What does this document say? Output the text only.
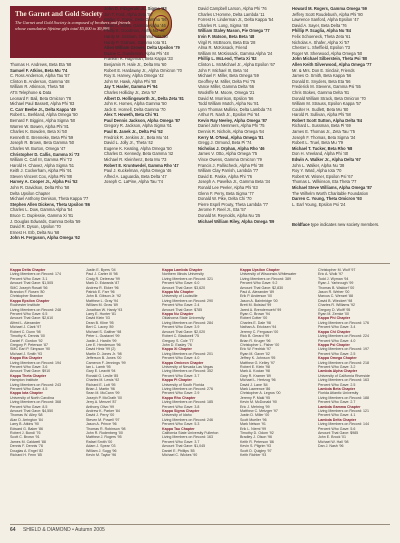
The Garnet and Gold Society

The Garnet and Gold Society is composed of brothers and friends whose cumulative lifetime gifts total $5,000 to $9,999.

Thomas H. Andrews, Beta Eta '68
Samuel F. Atkins, Beta Mu '74
C. Ross Anderson, Alpha Tau '57
Clinton B. Anderson, Gamma '48
William R. Atkinson, Theta '58
ATS Telephone & Data
Leonard F. Bail, Beta Omicron '78
Michael Paul Bassett, Alpha Phi '83
C. Carr Beebe Jr., Delta Kappa '49
Robert L. Berkland, Alpha Omega '50
Bernard F. Biggins, Alpha Sigma '50
Warren W. Bowen, Alpha Phi '81
Charles K. Bowden, Beta Xi '50
Kenneth E. Brenneke, Beta Phi '59
Joseph R. Brown, Beta Gamma '50
Charles W. Burton, Omega '47
Christopher D. Callis, Gamma Xi '73
William C. Carl III, Gamma Phi '72
Harold H. Chavez, Alpha Sigma '51
Keith J. Cockerham, Alpha Phi '91
Steven Vincent Cox, Alpha Phi '88
Harvey A. Cooper Jr., Alpha Psi '52
John R. Davidson, Delta Rho '58
Delta Upsilon Chapter
Michael Anthony Denison, Theta Kappa '77
Stephen Allen Dickens, Theta Upsilon '86
Charles L. Dow, Gamma Alpha '54
Bruce C. Duplessie, Gamma Xi '81
J. Douglas Edwards, Gamma Delta '59
David R. Dyson, Upsilon '70
Ernest H. Erb, Delta Nu '68
John H. Ferguson, Alpha Omega '62
John D. Fitzgerald Jr., Sigma '83
Jon T. Ford, Alpha Zeta '57
Walter C. Frank, Delta Gamma '56
Tyrus C. Gibbs, Gamma Alpha '46
Phillip E. Goodman, Alpha Nu '48
Hardy M. Graham, Gamma Iota '60
Hardy P. Graham, Gamma Iota '81
Allen William Groves, Delta Upsilon '79
Duane C. Gunderson, Alpha Phi '48
Franklin R. Hageman, Beta Kappa '33
Benjamin R. Hale Jr., Delta Mu '60
Robert E. Hardaway Jr., Alpha Omicron '70
Roy S. Harvey, Alpha Omega '42
John W. Hawk, Alpha Phi '80
Jay T. Hasler, Gamma Pi '94
Charles Holliday Jr., Zeta '67
Albert D. Hollingsworth Jr., Delta Zeta '81
John K. Homes, Alpha Gamma '50
Jack E. Hornell, Delta Gamma '70
Alex T. Howeth, Beta Chi '91
Paul Dennis Jackson, Alpha Omega '87
Gregory R. Jackson, Alpha Sigma '61
Paul B. Janek Jr., Delta Psi '52
Fredrick R. Jenkins Jr., Beta Mu '44
David L. Jolly Jr., Theta '42
Eugene K. Keating, Alpha Omega '50
Charles D. Kennedy, Beta Gamma '42
Michael R. Kleinhenz, Beta Mu '73
Robert E. Kruntwedel, Gamma Rho '47
Paul J. Kuckelman, Alpha Omega '46
Alfred A. Laguardia, Beta Delta '47
Joseph C. LaPine, Alpha Tau '74
David Campbell Larson, Alpha Phi '76
Charles L'Homme, Delta Lambda '11
Forrest H. Linderman Jr., Delta Kappa '54
Charles R. Long, Sigma '48
William Staley Mason, Pie Omega '77
Irvin F. Matson, Beta Beta '48
Virgil R. McBroom, Beta Eta '28
Alma R. McKissack, Friend
William M. McKissack, Gamma Alpha '24
Phillip L. McLeod, Theta Xi '82
Clinton L. McMichael Jr., Alpha Epsilon '67
John F. Michael III, Beta '44
Michael F. Miller, Beta Omega '59
Geoffrey M. Miller, Delta Psi '76
Vance Miller, Gamma Delta '66
Woolsffe M. Moore, Omega '21
David M. Morrison, Epsilon '56
Todd William Mutch, Alpha Nu '81
Lynn Thomas Mullinix, Delta Lambda '74
Arthur R. Nash Jr., Epsilon Psi '64
Kevin Ray Neeley, Alpha Omega '87
Daniel John Nemmers, Alpha Phi '75
Dennis R. Nichols, Alpha Omega '64
Kerry M. O'Neal, Alpha Omega '81
Gregg J. Ormond, Beta Pi '74
Nicholas J. Orphan, Alpha Rho '46
James V. Otto, Alpha Omega '75
Vince Owens, Gamma Omicron '79
Francis J. Pallischeck, Alpha Phi '38
William Clay Parrish, Lambda '77
David E. Paske, Alpha Phi '76
Joseph A. Pavelka Jr., Gamma Beta '34
Ronald Lee Peeler, Alpha Phi '83
Glenn F. Perry, Beta Sigma '77
Donald W. Pike, Delta Chi '70
Pierre Espril Prouty, Theta Lambda '77
Jerome F. Reel Jr., Eta '57
Donald M. Reynolds, Alpha Nu '25
Michael William Riley, Alpha Omega '89
Howard M. Rogers, Gamma Omega '59
Jeffery Scott Roudebush, Alpha Phi '80
Lawrence Sanford, Alpha Epsilon '47
David A. Sayer, Beta Delta '76
Phillip P. Scaglia, Alpha Nu '84
Felix Schoeneck, Theta Zeta '61
Nicholas A. Shafer, Alpha Xi '57
Chester L. Sheffield, Epsilon '73
Roger W. Sherwood, Alpha Omega '50
John Michael Silberstein, Theta Psi '80
Allen Keith Silverwood, Alpha Omega '77
Mr. & Mrs. Don E. Sinclair, Friends
James O. Smith, Beta Kappa '56
Donald E. Snyders, Beta Eta '56
Frederick M. Stevens, Gamma Psi '55
Chris Stokes, Gamma Delta '81
Donald William Strack, Beta Omicron '70
William M. Strauss, Epsilon Kappa '57
Coulter H. Sudlett, Beta Mu '80
Harold R. Sullivan, Alpha Phi '58
Robert Scott Sutton, Alpha Delta '84
Richard L. Sussman, Beta Pi '69
James E. Thomas Jr., Zeta Tau '75
Joseph F. Thomas, Beta Sigma '34
Robert L. Truel, Beta Mu '79
Michael T. Tucker, Beta Rho '68
Don H. Vreeland, Alpha Phi '40
Edwin A. Walker Jr., Alpha Delta '67
John L. Walker, Alpha Nu '38
Roy Y. Ward, Alpha Iota '70
Robert W. Wisner, Epsilon Psi '67
Thomas L. Wilkinson, Eta Theta '77
Michael Steve Williams, Alpha Omega '87
The Wilhelm Worth Charitable Foundation
Darren C. Young, Theta Omicron '93
L. Earl Young, Epsilon Psi '24
Boldface type indicates new society members.
Kappa Delta Chapter
Living Members on Record: 174
Percent Who Gave: 3.1
Amount That Gave: $1,505
SMC Joseph Rosati '56
Brandon F. Rosen '80
Christopher Brandon
Kappa Epsilon Chapter
Rochester Institute
Living Members on Record: 248
Percent Who Gave: 6.5
Amount That Gave: $2,610
Alfred L. Alexander
Michael J. Clark '97
Robert C. Dunn '98
Timothy K. Dennis '00
Daniel F. Gordon '92
Gregory P. Peterson '87
SMC Earl P. Simpson '90
Michael J. Smith '93
Kappa Eta Chapter
Living Members on Record: 194
Percent Who Gave: 3.6
Amount That Gave: $910
Kappa Theta Chapter
Hampton Institute
Living Members on Record: 243
Percent Who Gave: 4.5
Kappa Iota Chapter
University of North Carolina
Living Members on Record: 368
Percent Who Gave: 8.5
Amount That Gave: $4,550
Thomas W. Alley '68
Alan D. Arrington '84
Larry B. Atkins '90
Edward G. Baker '86
Robert J. Bondi '76
Scott C. Brown '91
James M. Caldwell '88
Dennis F. Dennis '78
Douglas A. Engel '82
Richard H. Fenn '85
Justin E. Byers '04
Paul J. Carter III '98
Craig R. Deleeuw '99
Mark D. Edwards '87
Andrew R. Ekker '96
Patrick E. Farr '96
John B. Gibson Jr. '92
Matthew L. Gray '94
William M. Grow '89
Jonathan W. Hardy '93
Larry E. Hunter '81
David Klein '03
Dean B. Kline '95
Bert C. Lacey '89
Michael S. Gaither '98
Peter L. Gustavel '99
Justin J. Hardin '99
Lee E. Henderson '96
David Hintz '99 (2)
Martin D. Jones Jr. '98
Jefferson B. Jones '00
Cameron F. Jennings '99
Ian L. Lamb '95
Gary E. Leavitt '94
Ronald G. Leslie '85
Charles M. Lewis '92
Richard E. Lott '95
Brian J. Martin '96
Sean M. McCann '99
Joseph P. McGrath '00
Jerry A. Menzel '87
Anthony Olivo '99
Andrew K. Parker '84
David J. Perry '00
Steven M. Powell '97
Jason A. Prince '96
Thomas R. Robinson '98
John R. Rodenberg '00
Matthew J. Rogers '95
Rafael Smith '00
Adam J. Spear '03
William J. Sugg '96
Kevin M. Taylor '96
Kappa Lambda Chapter
Northern Illinois University
Living Members on Record: 321
Percent Who Gave: 6.0
Amount That Gave: $3,620
Kappa Mu Chapter
University of Louisville
Living Members on Record: 290
Percent Who Gave: 2.4
Amount That Gave: $785
Kappa Nu Chapter
Oklahoma State University
Living Members on Record: 284
Percent Who Gave: 3.9
Amount That Gave: $2,020
Robert C. Blackwell '75
Gregory S. Cole '77
John D. Easley '76
Kappa Xi Chapter
Living Members on Record: 201
Percent Who Gave: 4.0
Kappa Omicron Chapter
University of Nevada Las Vegas
Living Members on Record: 352
Percent Who Gave: 3.7
Kappa Pi Chapter
University of South Florida
Living Members on Record: 276
Percent Who Gave: 2.9
Kappa Rho Chapter
Living Members on Record: 185
Percent Who Gave: 3.8
Kappa Sigma Chapter
University of Idaho
Living Members on Record: 246
Percent Who Gave: 5.3
Kappa Tau Chapter
California State University Fullerton
Living Members on Record: 163
Percent Who Gave: 3.7
Amount That Gave: $1,045
Daniel E. Phillips '85
Michael C. Wickes '90
Kappa Upsilon Chapter
University of Wisconsin-Whitewater
Living Members on Record: 389
Percent Who Gave: 9.2
Amount That Gave: $2,830
Paul A. Alexander '89
Erik P. Anderson '00
Jason A. Bainbridge '00
Brett M. Bolstad '99
Jared A. Brendemuehl '99
Ryan C. Brown '94
Robert Cotter '00
Charles E. Dale '98
Nathan A. Ericksen '94
Jeremy C. Ferguson '00
Rick B. Gerard '99
Brian R. Kruger '96
Christopher L. Fisher '00
Eric W. Fredrick '97
Ryan M. Gaver '02
Jeffrey K. Johnson '95
Matthew G. Kelley '97
Robert E. Klein '98
Mark A. Kocian '98
Gary R. Kramer '89
Michael L. Hertzog '96
David J. Lane '84
Mark Lawrence '86
Christopher A. Legros '00
Jeremy P. Maki '95
Kevin M. McDonald '90
Eric J. Mehring '99
Matthew C. Metzger '97
Justin D. Miller '00
Scott Mueller '96
Mark Nelson '91
Erik L. Niemi '99
Timothy D. Odom '92
Bradley J. Olson '96
Keith R. Peterson '86
Kevin S. Pilgrim '93
Scott D. Quigley '97
Keith Richter '93
Christopher M. Wolf '97
Eric A. Wolk '97
Todd J. Wyman '94
Ryan J. Yarbrough '99
Thomas B. Waldorf '00
Jason R. Weber '00
Marcus C. Wenzel '88
David B. Wieckert '98
Charles R. Williams '92
Gregory D. Wolff '95
Ryan M. Zemke '00
Kappa Phi Chapter
Living Members on Record: 176
Percent Who Gave: 3.4
Kappa Chi Chapter
Living Members on Record: 224
Percent Who Gave: 4.0
Kappa Psi Chapter
Living Members on Record: 197
Percent Who Gave: 2.5
Kappa Omega Chapter
Living Members on Record: 218
Percent Who Gave: 3.2
Lambda Alpha Chapter
University of California Riverside
Living Members on Record: 163
Percent Who Gave: 2.5
Lambda Beta Chapter
Florida Atlantic University
Living Members on Record: 188
Percent Who Gave: 2.7
Lambda Gamma Chapter
Living Members on Record: 121
Percent Who Gave: 4.1
Lambda Delta Chapter
Living Members on Record: 144
Percent Who Gave: 5.6
Amount That Gave: $985
John E. Brock '01
Michael W. Hall '98
Dan J. Nash '96
64 SHIELD & DIAMOND • Autumn 2005
